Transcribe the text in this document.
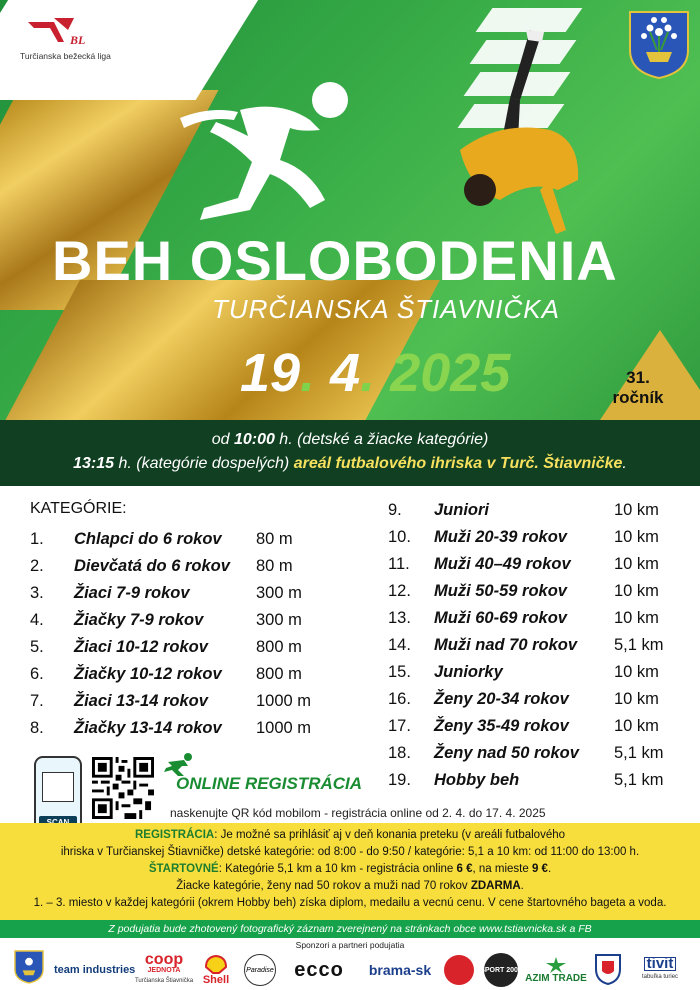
BL
Turčianska bežecká liga
BEH OSLOBODENIA
TURČIANSKA ŠTIAVNIČKA
19. 4. 2025	31.
ročník
od 10:00 h. (detské a žiacke kategórie)
13:15 h. (kategórie dospelých) areál futbalového ihriska v Turč. Štiavničke.
KATEGÓRIE:
1.	Chlapci do 6 rokov	80 m
2.	Dievčatá do 6 rokov	80 m
3.	Žiaci 7-9 rokov	300 m
4.	Žiačky 7-9 rokov	300 m
5.	Žiaci 10-12 rokov	800 m
6.	Žiačky 10-12 rokov	800 m
7.	Žiaci 13-14 rokov	1000 m
8.	Žiačky 13-14 rokov	1000 m
9.	Juniori	10 km
10.	Muži 20-39 rokov	10 km
11.	Muži 40–49 rokov	10 km
12.	Muži 50-59 rokov	10 km
13.	Muži 60-69 rokov	10 km
14.	Muži nad 70 rokov	5,1 km
15.	Juniorky	10 km
16.	Ženy 20-34 rokov	10 km
17.	Ženy 35-49 rokov	10 km
18.	Ženy nad 50 rokov	5,1 km
19.	Hobby beh	5,1 km
ONLINE REGISTRÁCIA
naskenujte QR kód mobilom - registrácia online od 2. 4. do 17. 4. 2025
REGISTRÁCIA: Je možné sa prihlásiť aj v deň konania preteku (v areáli futbalového
ihriska v Turčianskej Štiavničke) detské kategórie: od 8:00 - do 9:50 / kategórie: 5,1 a 10 km: od 11:00 do 13:00 h.
ŠTARTOVNÉ: Kategórie 5,1 km a 10 km - registrácia online 6 €, na mieste 9 €.
Žiacke kategórie, ženy nad 50 rokov a muži nad 70 rokov ZDARMA.
1. – 3. miesto v každej kategórii (okrem Hobby beh) získa diplom, medailu a vecnú cenu. V cene štartovného bageta a voda.
Z podujatia bude zhotovený fotografický záznam zverejnený na stránkach obce www.tstiavnicka.sk a FB
Sponzori a partneri podujatia
team industries
coop
JEDNOTA
Turčianska Štiavnička Shell
Paradise	ecco	brama-sk	SPORT 2000
AZIM TRADE
tivit
tabuľka turiec
